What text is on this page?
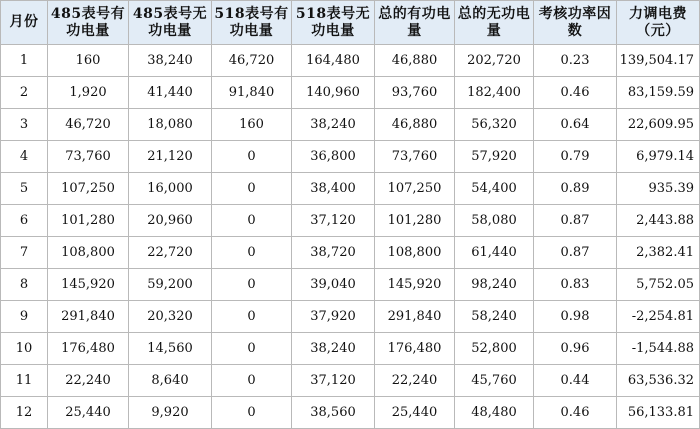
月份	485表号有功电量	485表号无功电量	518表号有功电量	518表号无功电量	总的有功电量	总的无功电量	考核功率因数	力调电费（元）
1	160	38,240	46,720	164,480	46,880	202,720	0.23	139,504.17
2	1,920	41,440	91,840	140,960	93,760	182,400	0.46	83,159.59
3	46,720	18,080	160	38,240	46,880	56,320	0.64	22,609.95
4	73,760	21,120	0	36,800	73,760	57,920	0.79	6,979.14
5	107,250	16,000	0	38,400	107,250	54,400	0.89	935.39
6	101,280	20,960	0	37,120	101,280	58,080	0.87	2,443.88
7	108,800	22,720	0	38,720	108,800	61,440	0.87	2,382.41
8	145,920	59,200	0	39,040	145,920	98,240	0.83	5,752.05
9	291,840	20,320	0	37,920	291,840	58,240	0.98	-2,254.81
10	176,480	14,560	0	38,240	176,480	52,800	0.96	-1,544.88
11	22,240	8,640	0	37,120	22,240	45,760	0.44	63,536.32
12	25,440	9,920	0	38,560	25,440	48,480	0.46	56,133.81
